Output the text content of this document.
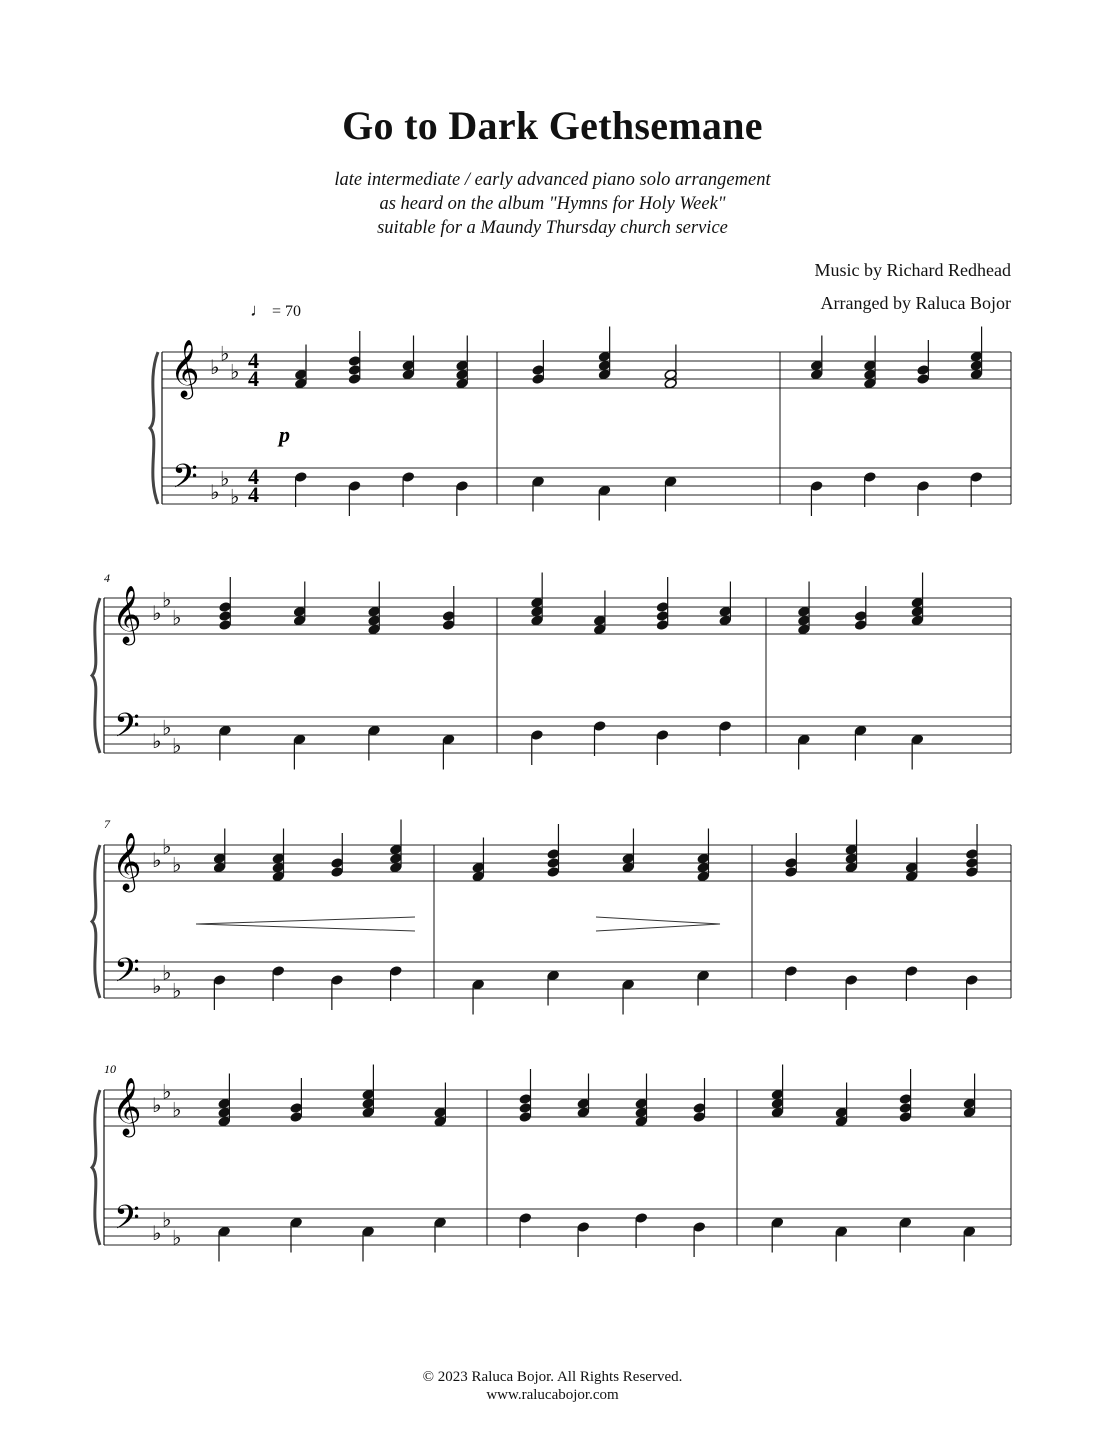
Go to Dark Gethsemane
late intermediate / early advanced piano solo arrangement
as heard on the album "Hymns for Holy Week"
suitable for a Maundy Thursday church service
Music by Richard Redhead
Arranged by Raluca Bojor
♩ = 70
𝄞
𝄢
♭
♭
♭
♭
♭
♭
4
4
4
4
𝄞
𝄢
♭
♭
♭
♭
♭
♭
𝄞
𝄢
♭
♭
♭
♭
♭
♭
𝄞
𝄢
♭
♭
♭
♭
♭
♭
p
4
7
10
© 2023 Raluca Bojor. All Rights Reserved.
www.ralucabojor.com
